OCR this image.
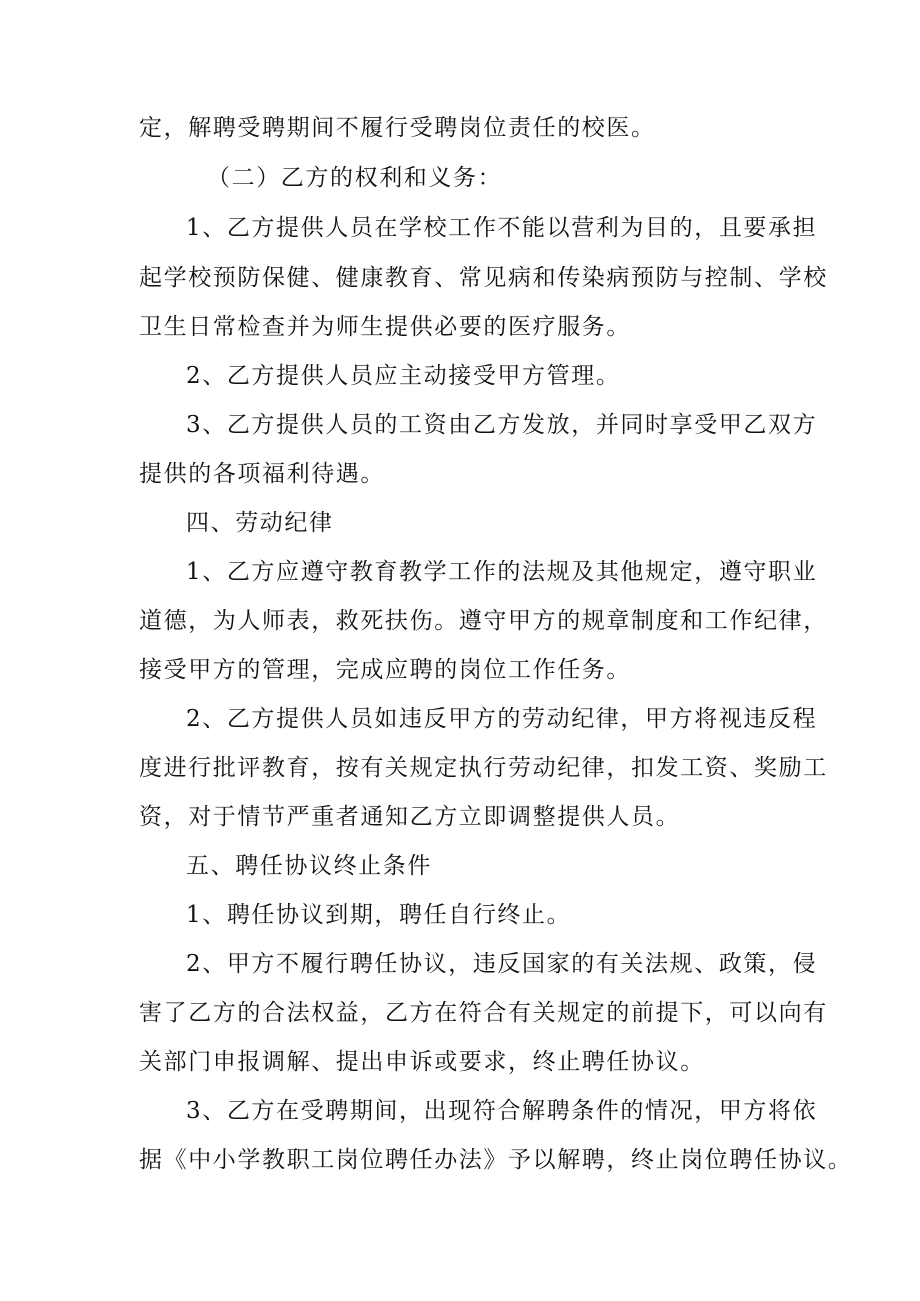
定，解聘受聘期间不履行受聘岗位责任的校医。
（二）乙方的权利和义务：
1、乙方提供人员在学校工作不能以营利为目的，且要承担
起学校预防保健、健康教育、常见病和传染病预防与控制、学校
卫生日常检查并为师生提供必要的医疗服务。
2、乙方提供人员应主动接受甲方管理。
3、乙方提供人员的工资由乙方发放，并同时享受甲乙双方
提供的各项福利待遇。
四、劳动纪律
1、乙方应遵守教育教学工作的法规及其他规定，遵守职业
道德，为人师表，救死扶伤。遵守甲方的规章制度和工作纪律，
接受甲方的管理，完成应聘的岗位工作任务。
2、乙方提供人员如违反甲方的劳动纪律，甲方将视违反程
度进行批评教育，按有关规定执行劳动纪律，扣发工资、奖励工
资，对于情节严重者通知乙方立即调整提供人员。
五、聘任协议终止条件
1、聘任协议到期，聘任自行终止。
2、甲方不履行聘任协议，违反国家的有关法规、政策，侵
害了乙方的合法权益，乙方在符合有关规定的前提下，可以向有
关部门申报调解、提出申诉或要求，终止聘任协议。
3、乙方在受聘期间，出现符合解聘条件的情况，甲方将依
据《中小学教职工岗位聘任办法》予以解聘，终止岗位聘任协议。
